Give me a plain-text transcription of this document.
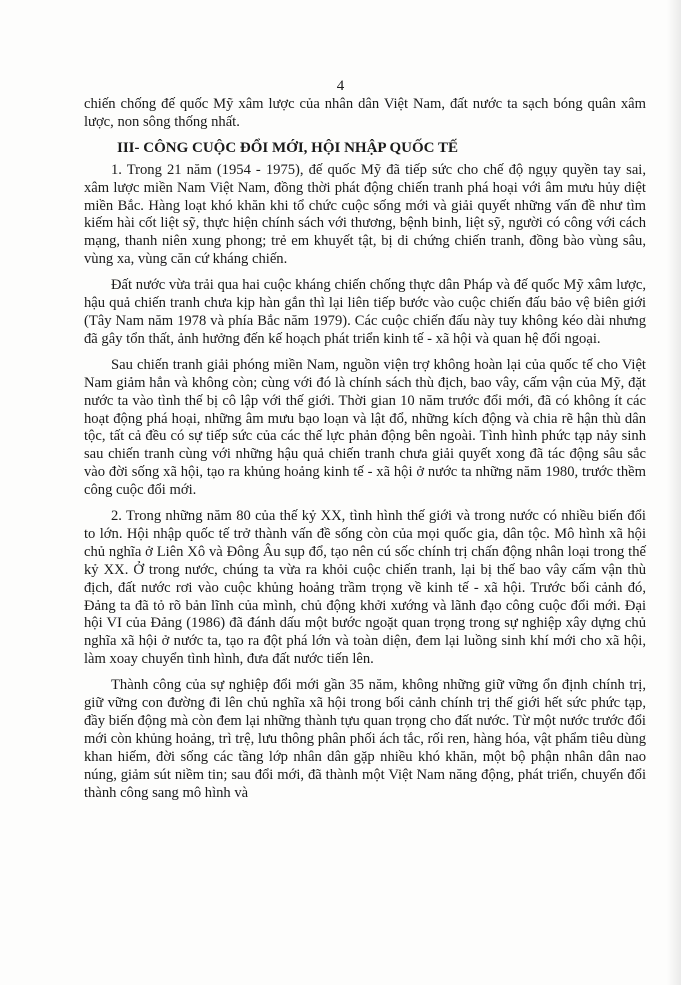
4

chiến chống đế quốc Mỹ xâm lược của nhân dân Việt Nam, đất nước ta sạch bóng quân xâm lược, non sông thống nhất.

III- CÔNG CUỘC ĐỔI MỚI, HỘI NHẬP QUỐC TẾ

1. Trong 21 năm (1954 - 1975), đế quốc Mỹ đã tiếp sức cho chế độ ngụy quyền tay sai, xâm lược miền Nam Việt Nam, đồng thời phát động chiến tranh phá hoại với âm mưu hủy diệt miền Bắc. Hàng loạt khó khăn khi tổ chức cuộc sống mới và giải quyết những vấn đề như tìm kiếm hài cốt liệt sỹ, thực hiện chính sách với thương, bệnh binh, liệt sỹ, người có công với cách mạng, thanh niên xung phong; trẻ em khuyết tật, bị di chứng chiến tranh, đồng bào vùng sâu, vùng xa, vùng căn cứ kháng chiến.

Đất nước vừa trải qua hai cuộc kháng chiến chống thực dân Pháp và đế quốc Mỹ xâm lược, hậu quả chiến tranh chưa kịp hàn gắn thì lại liên tiếp bước vào cuộc chiến đấu bảo vệ biên giới (Tây Nam năm 1978 và phía Bắc năm 1979). Các cuộc chiến đấu này tuy không kéo dài nhưng đã gây tổn thất, ảnh hưởng đến kế hoạch phát triển kinh tế - xã hội và quan hệ đối ngoại.

Sau chiến tranh giải phóng miền Nam, nguồn viện trợ không hoàn lại của quốc tế cho Việt Nam giảm hẳn và không còn; cùng với đó là chính sách thù địch, bao vây, cấm vận của Mỹ, đặt nước ta vào tình thế bị cô lập với thế giới. Thời gian 10 năm trước đổi mới, đã có không ít các hoạt động phá hoại, những âm mưu bạo loạn và lật đổ, những kích động và chia rẽ hận thù dân tộc, tất cả đều có sự tiếp sức của các thế lực phản động bên ngoài. Tình hình phức tạp nảy sinh sau chiến tranh cùng với những hậu quả chiến tranh chưa giải quyết xong đã tác động sâu sắc vào đời sống xã hội, tạo ra khủng hoảng kinh tế - xã hội ở nước ta những năm 1980, trước thềm công cuộc đổi mới.

2. Trong những năm 80 của thế kỷ XX, tình hình thế giới và trong nước có nhiều biến đổi to lớn. Hội nhập quốc tế trở thành vấn đề sống còn của mọi quốc gia, dân tộc. Mô hình xã hội chủ nghĩa ở Liên Xô và Đông Âu sụp đổ, tạo nên cú sốc chính trị chấn động nhân loại trong thế kỷ XX. Ở trong nước, chúng ta vừa ra khỏi cuộc chiến tranh, lại bị thế bao vây cấm vận thù địch, đất nước rơi vào cuộc khủng hoảng trầm trọng về kinh tế - xã hội. Trước bối cảnh đó, Đảng ta đã tỏ rõ bản lĩnh của mình, chủ động khởi xướng và lãnh đạo công cuộc đổi mới. Đại hội VI của Đảng (1986) đã đánh dấu một bước ngoặt quan trọng trong sự nghiệp xây dựng chủ nghĩa xã hội ở nước ta, tạo ra đột phá lớn và toàn diện, đem lại luồng sinh khí mới cho xã hội, làm xoay chuyển tình hình, đưa đất nước tiến lên.

Thành công của sự nghiệp đổi mới gần 35 năm, không những giữ vững ổn định chính trị, giữ vững con đường đi lên chủ nghĩa xã hội trong bối cảnh chính trị thế giới hết sức phức tạp, đầy biến động mà còn đem lại những thành tựu quan trọng cho đất nước. Từ một nước trước đổi mới còn khủng hoảng, trì trệ, lưu thông phân phối ách tắc, rối ren, hàng hóa, vật phẩm tiêu dùng khan hiếm, đời sống các tầng lớp nhân dân gặp nhiều khó khăn, một bộ phận nhân dân nao núng, giảm sút niềm tin; sau đổi mới, đã thành một Việt Nam năng động, phát triển, chuyển đổi thành công sang mô hình và
